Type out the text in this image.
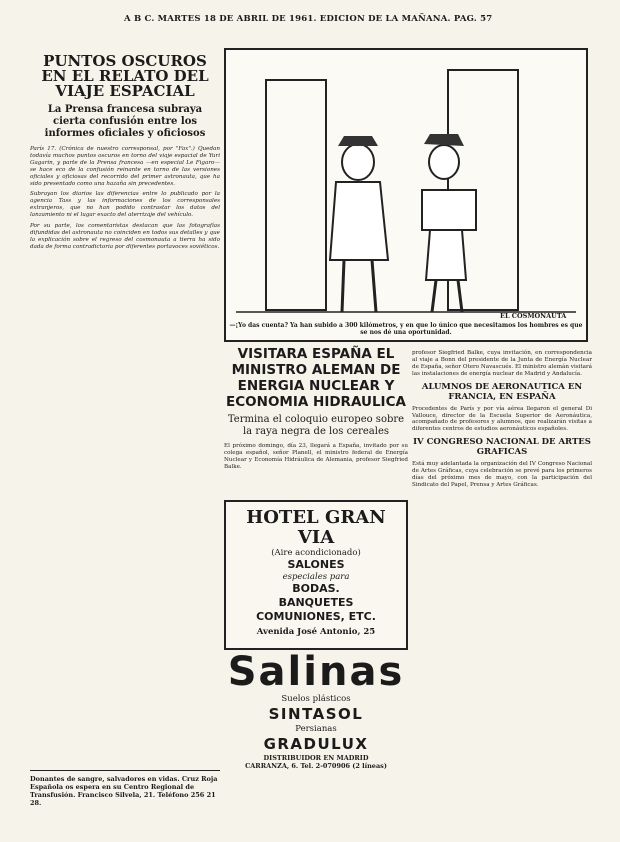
A B C. MARTES 18 DE ABRIL DE 1961. EDICION DE LA MAÑANA. PAG. 57
PUNTOS OSCUROS EN EL RELATO DEL VIAJE ESPACIAL
La Prensa francesa subraya cierta confusión entre los informes oficiales y oficiosos

París 17. (Crónica de nuestro corresponsal, por "Fax".) Quedan todavía muchos puntos oscuros en torno del viaje espacial de Yuri Gagarin, y parte de la Prensa francesa —en especial Le Figaro— se hace eco de la confusión reinante en torno de las versiones oficiales y oficiosas del recorrido del primer astronauta, que ha sido presentado como una hazaña sin precedentes.

Subrayan los diarios las diferencias entre lo publicado por la agencia Tass y las informaciones de los corresponsales extranjeros, que no han podido contrastar los datos del lanzamiento ni el lugar exacto del aterrizaje del vehículo.

Por su parte, los comentaristas destacan que las fotografías difundidas del astronauta no coinciden en todos sus detalles y que la explicación sobre el regreso del cosmonauta a tierra ha sido dada de forma contradictoria por diferentes portavoces soviéticos.

Donantes de sangre, salvadores en vidas. Cruz Roja Española os espera en su Centro Regional de Transfusión. Francisco Silvela, 21. Teléfono 256 21 28.
EL COSMONAUTA
—¡Yo das cuenta? Ya han subido a 300 kilómetros, y en que lo único que necesitamos los hombres es que se nos dé una oportunidad.
VISITARA ESPAÑA EL MINISTRO ALEMAN DE ENERGIA NUCLEAR Y ECONOMIA HIDRAULICA
Termina el coloquio europeo sobre la raya negra de los cereales

El próximo domingo, día 23, llegará a España, invitado por su colega español, señor Planell, el ministro federal de Energía Nuclear y Economía Hidráulica de Alemania, profesor Siegfried Balke.

HOTEL GRAN VIA
(Aire acondicionado)
SALONES
especiales para
BODAS.
BANQUETES
COMUNIONES, ETC.
Avenida José Antonio, 25
Salinas
Suelos plásticos
SINTASOL
Persianas
GRADULUX
DISTRIBUIDOR EN MADRID
CARRANZA, 6. Tel. 2-070906 (2 líneas)

profesor Siegfried Balke, cuya invitación, en correspondencia al viaje a Bonn del presidente de la Junta de Energía Nuclear de España, señor Otero Navascués. El ministro alemán visitará las instalaciones de energía nuclear de Madrid y Andalucía.

ALUMNOS DE AERONAUTICA EN FRANCIA, EN ESPAÑA

Procedentes de París y por vía aérea llegaron el general Di Vallouce, director de la Escuela Superior de Aeronáutica, acompañado de profesores y alumnos, que realizarán visitas a diferentes centros de estudios aeronáuticos españoles.

IV CONGRESO NACIONAL DE ARTES GRAFICAS

Está muy adelantada la organización del IV Congreso Nacional de Artes Gráficas, cuya celebración se prevé para los primeros días del próximo mes de mayo, con la participación del Sindicato del Papel, Prensa y Artes Gráficas.
